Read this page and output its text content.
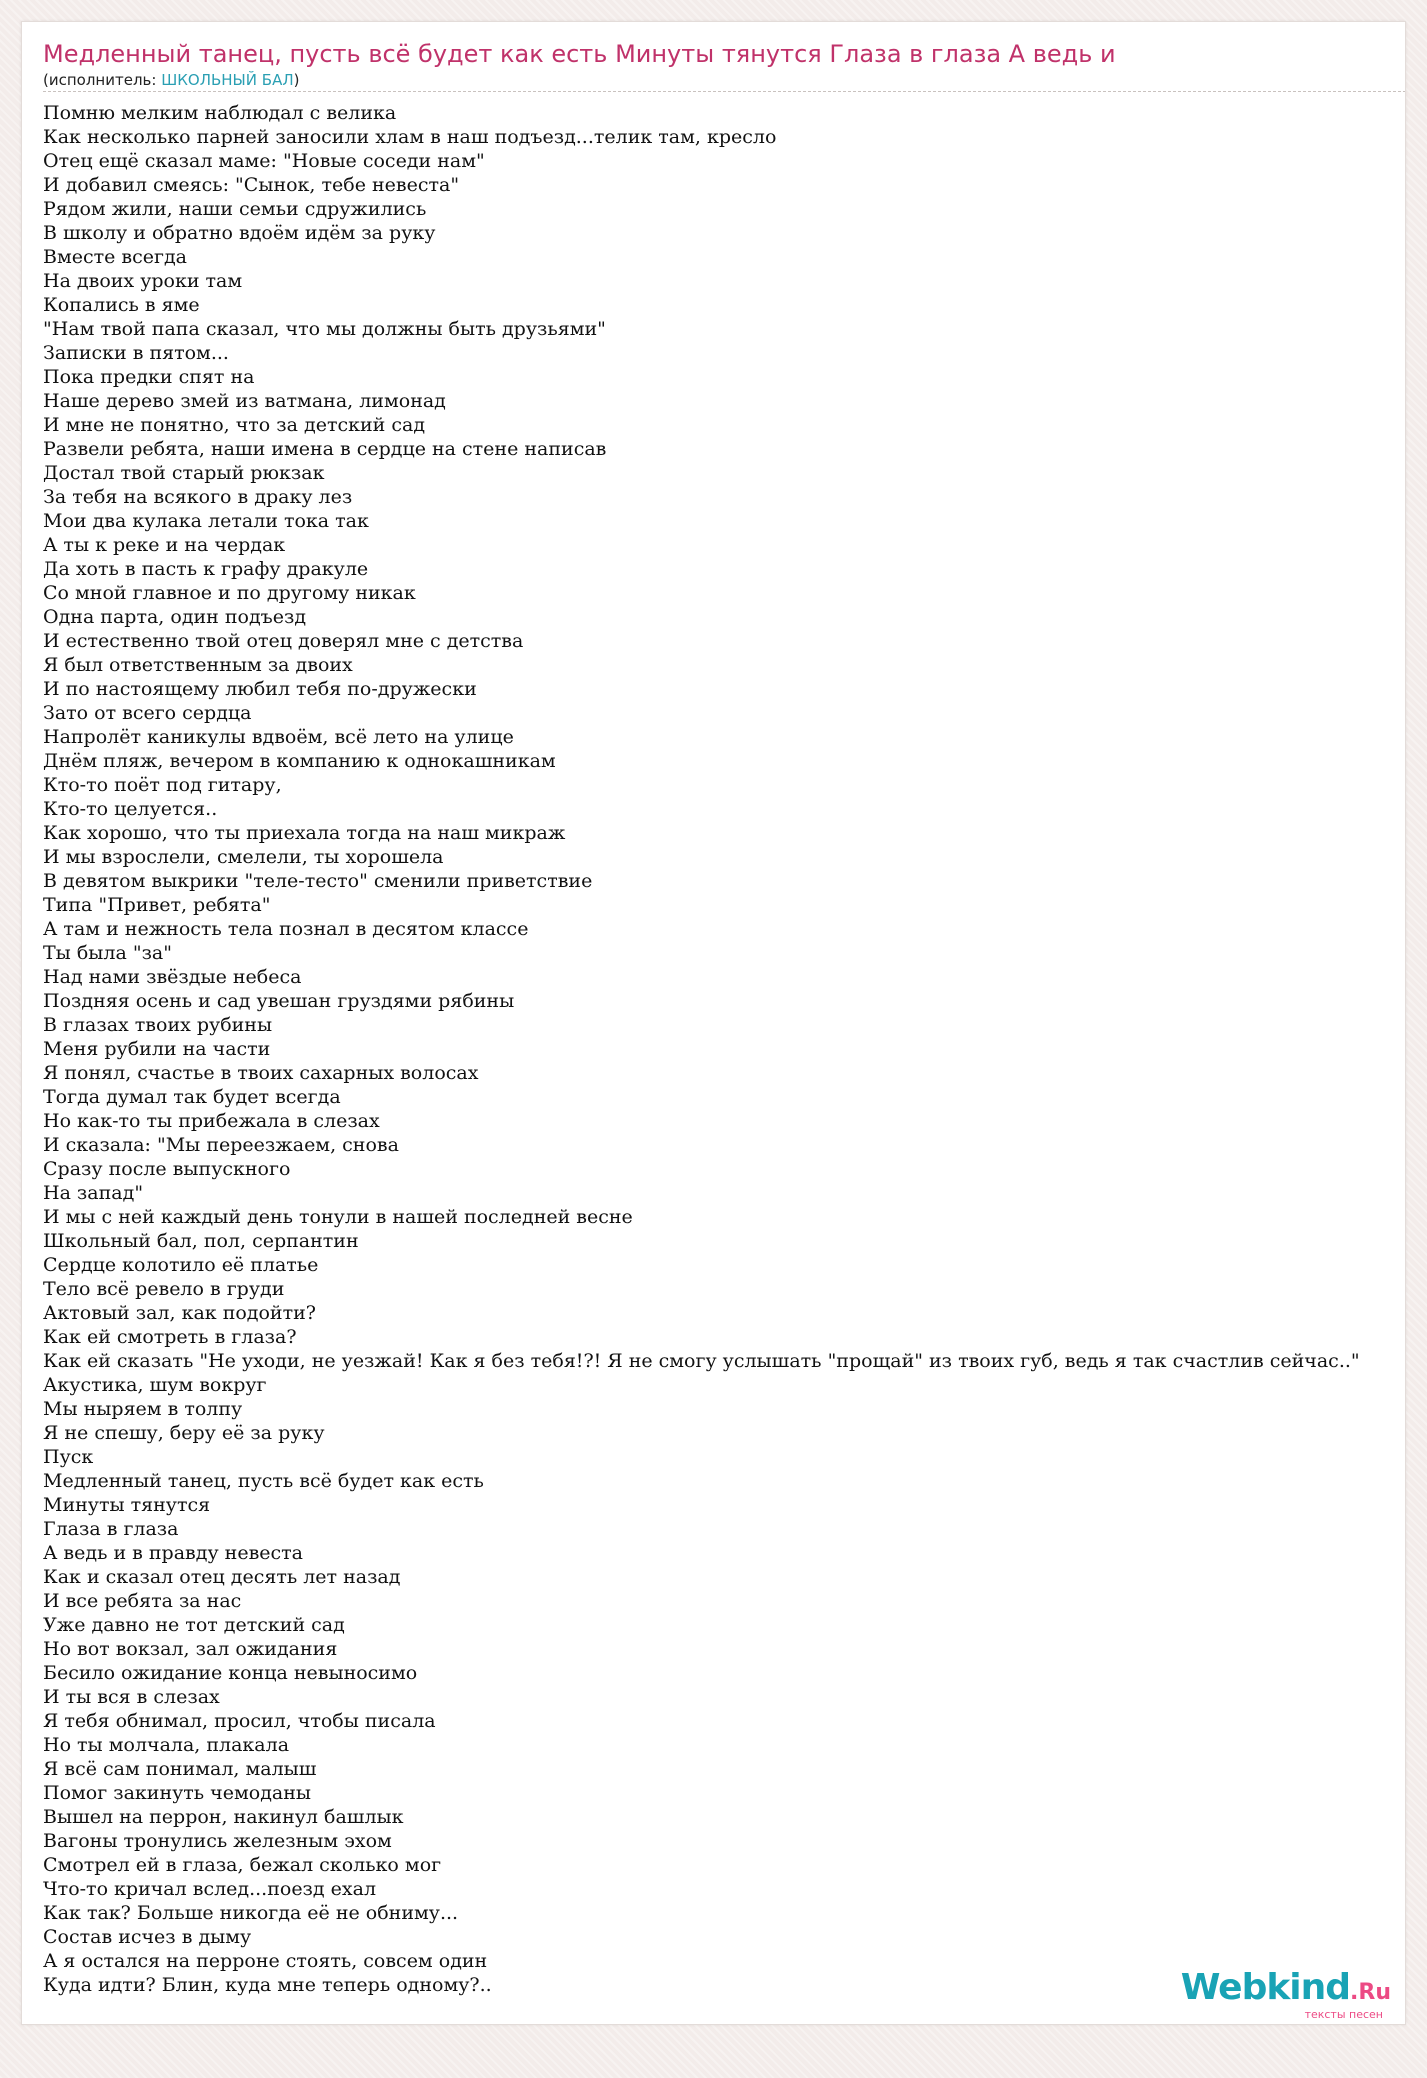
Медленный танец, пусть всё будет как есть Минуты тянутся Глаза в глаза А ведь и
(исполнитель: ШКОЛЬНЫЙ БАЛ)
Помню мелким наблюдал с велика
Как несколько парней заносили хлам в наш подъезд...телик там, кресло
Отец ещё сказал маме: "Новые соседи нам"
И добавил смеясь: "Сынок, тебе невеста"
Рядом жили, наши семьи сдружились
В школу и обратно вдоём идём за руку
Вместе всегда
На двоих уроки там
Копались в яме
"Нам твой папа сказал, что мы должны быть друзьями"
Записки в пятом...
Пока предки спят на
Наше дерево змей из ватмана, лимонад
И мне не понятно, что за детский сад
Развели ребята, наши имена в сердце на стене написав
Достал твой старый рюкзак
За тебя на всякого в драку лез
Мои два кулака летали тока так
А ты к реке и на чердак
Да хоть в пасть к графу дракуле
Со мной главное и по другому никак
Одна парта, один подъезд
И естественно твой отец доверял мне с детства
Я был ответственным за двоих
И по настоящему любил тебя по-дружески
Зато от всего сердца
Напролёт каникулы вдвоём, всё лето на улице
Днём пляж, вечером в компанию к однокашникам
Кто-то поёт под гитару,
Кто-то целуется..
Как хорошо, что ты приехала тогда на наш микраж
И мы взрослели, смелели, ты хорошела
В девятом выкрики "теле-тесто" сменили приветствие
Типа "Привет, ребята"
А там и нежность тела познал в десятом классе
Ты была "за"
Над нами звёздые небеса
Поздняя осень и сад увешан груздями рябины
В глазах твоих рубины
Меня рубили на части
Я понял, счастье в твоих сахарных волосах
Тогда думал так будет всегда
Но как-то ты прибежала в слезах
И сказала: "Мы переезжаем, снова
Сразу после выпускного
На запад"
И мы с ней каждый день тонули в нашей последней весне
Школьный бал, пол, серпантин
Сердце колотило её платье
Тело всё ревело в груди
Актовый зал, как подойти?
Как ей смотреть в глаза?
Как ей сказать "Не уходи, не уезжай! Как я без тебя!?! Я не смогу услышать "прощай" из твоих губ, ведь я так счастлив сейчас.."
Акустика, шум вокруг
Мы ныряем в толпу
Я не спешу, беру её за руку
Пуск
Медленный танец, пусть всё будет как есть
Минуты тянутся
Глаза в глаза
А ведь и в правду невеста
Как и сказал отец десять лет назад
И все ребята за нас
Уже давно не тот детский сад
Но вот вокзал, зал ожидания
Бесило ожидание конца невыносимо
И ты вся в слезах
Я тебя обнимал, просил, чтобы писала
Но ты молчала, плакала
Я всё сам понимал, малыш
Помог закинуть чемоданы
Вышел на перрон, накинул башлык
Вагоны тронулись железным эхом
Смотрел ей в глаза, бежал сколько мог
Что-то кричал вслед...поезд ехал
Как так? Больше никогда её не обниму...
Состав исчез в дыму
А я остался на перроне стоять, совсем один
Куда идти? Блин, куда мне теперь одному?..	Webkind.Ru
тексты песен
